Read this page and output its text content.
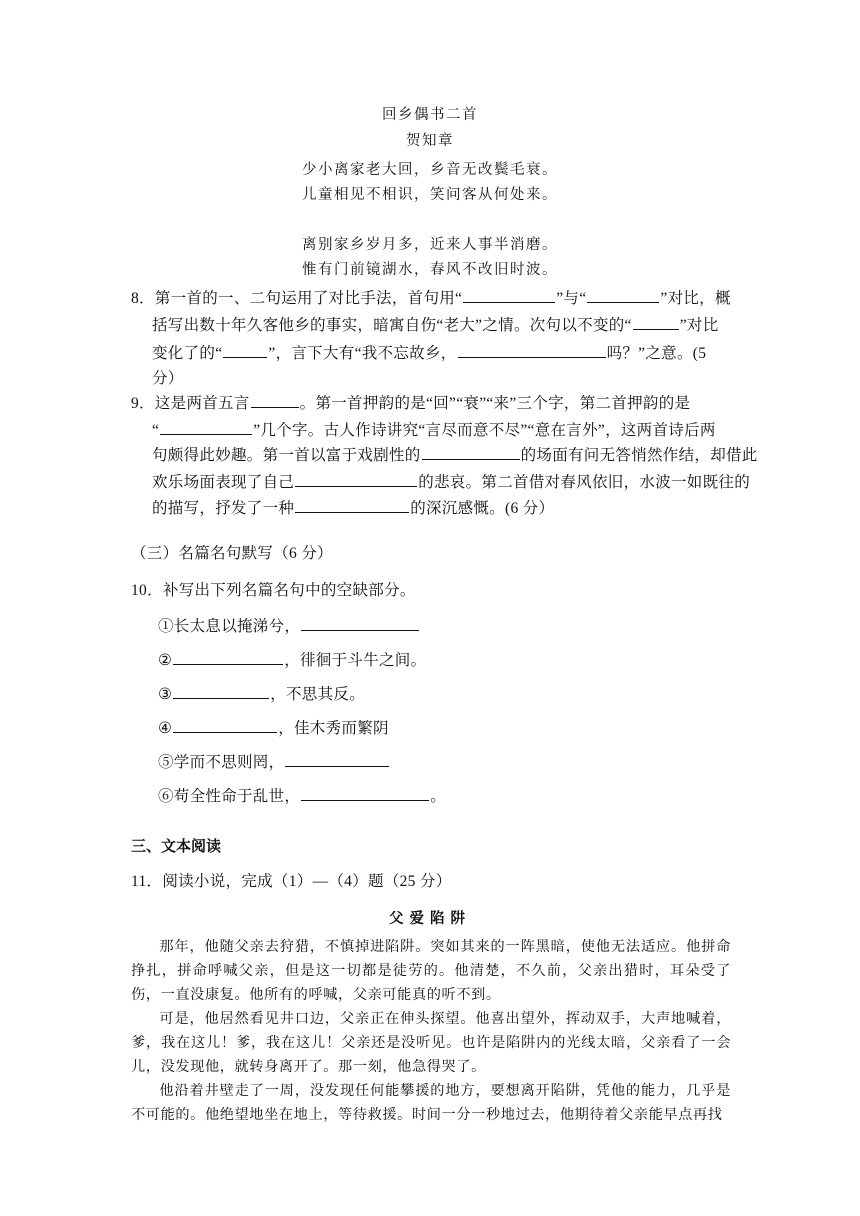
回乡偶书二首
贺知章
少小离家老大回，乡音无改鬓毛衰。
儿童相见不相识，笑问客从何处来。
离别家乡岁月多，近来人事半消磨。
惟有门前镜湖水，春风不改旧时波。
8．第一首的一、二句运用了对比手法，首句用“	”与“	”对比，概
括写出数十年久客他乡的事实，暗寓自伤“老大”之情。次句以不变的“	”对比
变化了的“	”，言下大有“我不忘故乡，	吗？”之意。(5
分）
9．这是两首五言	。第一首押韵的是“回”“衰”“来”三个字，第二首押韵的是
“	”几个字。古人作诗讲究“言尽而意不尽”“意在言外”，这两首诗后两
句颇得此妙趣。第一首以富于戏剧性的	的场面有问无答悄然作结，却借此
欢乐场面表现了自己	的悲哀。第二首借对春风依旧，水波一如既往的
的描写，抒发了一种	的深沉感慨。(6 分）
（三）名篇名句默写（6 分）
10．补写出下列名篇名句中的空缺部分。
①长太息以掩涕兮，
②	，徘徊于斗牛之间。
③	，不思其反。
④	，佳木秀而繁阴
⑤学而不思则罔，
⑥苟全性命于乱世，	。
三、文本阅读
11．阅读小说，完成（1）—（4）题（25 分）
父爱陷阱

那年，他随父亲去狩猎，不慎掉进陷阱。突如其来的一阵黑暗，使他无法适应。他拼命挣扎，拼命呼喊父亲，但是这一切都是徒劳的。他清楚，不久前，父亲出猎时，耳朵受了伤，一直没康复。他所有的呼喊，父亲可能真的听不到。

可是，他居然看见井口边，父亲正在伸头探望。他喜出望外，挥动双手，大声地喊着，爹，我在这儿！爹，我在这儿！父亲还是没听见。也许是陷阱内的光线太暗，父亲看了一会儿，没发现他，就转身离开了。那一刻，他急得哭了。

他沿着井壁走了一周，没发现任何能攀援的地方，要想离开陷阱，凭他的能力，几乎是不可能的。他绝望地坐在地上，等待救援。时间一分一秒地过去，他期待着父亲能早点再找
